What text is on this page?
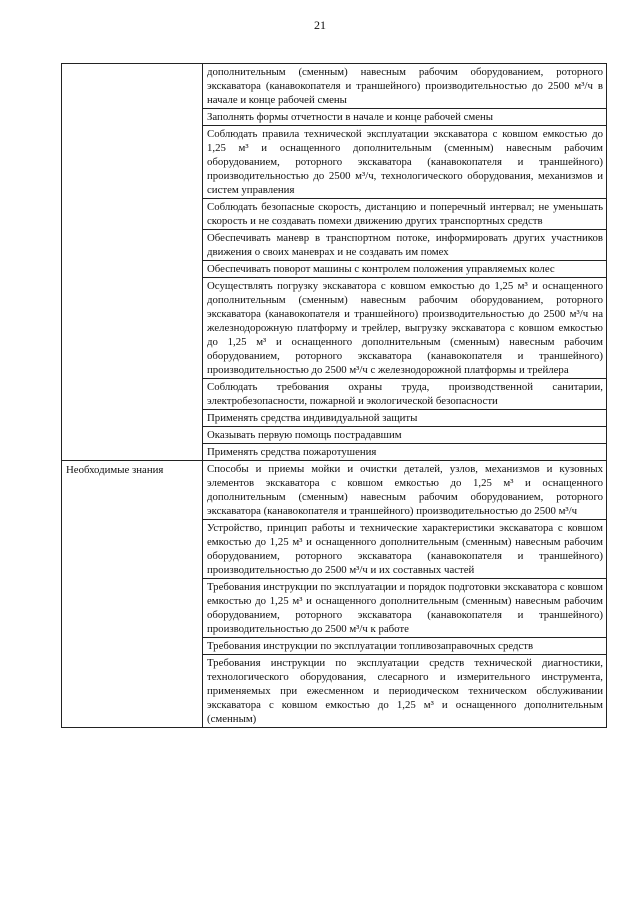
21
	дополнительным (сменным) навесным рабочим оборудованием, роторного экскаватора (канавокопателя и траншейного) производительностью до 2500 м³/ч в начале и конце рабочей смены
	Заполнять формы отчетности в начале и конце рабочей смены
	Соблюдать правила технической эксплуатации экскаватора с ковшом емкостью до 1,25 м³ и оснащенного дополнительным (сменным) навесным рабочим оборудованием, роторного экскаватора (канавокопателя и траншейного) производительностью до 2500 м³/ч, технологического оборудования, механизмов и систем управления
	Соблюдать безопасные скорость, дистанцию и поперечный интервал; не уменьшать скорость и не создавать помехи движению других транспортных средств
	Обеспечивать маневр в транспортном потоке, информировать других участников движения о своих маневрах и не создавать им помех
	Обеспечивать поворот машины с контролем положения управляемых колес
	Осуществлять погрузку экскаватора с ковшом емкостью до 1,25 м³ и оснащенного дополнительным (сменным) навесным рабочим оборудованием, роторного экскаватора (канавокопателя и траншейного) производительностью до 2500 м³/ч на железнодорожную платформу и трейлер, выгрузку экскаватора с ковшом емкостью до 1,25 м³ и оснащенного дополнительным (сменным) навесным рабочим оборудованием, роторного экскаватора (канавокопателя и траншейного) производительностью до 2500 м³/ч с железнодорожной платформы и трейлера
	Соблюдать требования охраны труда, производственной санитарии, электробезопасности, пожарной и экологической безопасности
	Применять средства индивидуальной защиты
	Оказывать первую помощь пострадавшим
	Применять средства пожаротушения

Необходимые знания	Способы и приемы мойки и очистки деталей, узлов, механизмов и кузовных элементов экскаватора с ковшом емкостью до 1,25 м³ и оснащенного дополнительным (сменным) навесным рабочим оборудованием, роторного экскаватора (канавокопателя и траншейного) производительностью до 2500 м³/ч
	Устройство, принцип работы и технические характеристики экскаватора с ковшом емкостью до 1,25 м³ и оснащенного дополнительным (сменным) навесным рабочим оборудованием, роторного экскаватора (канавокопателя и траншейного) производительностью до 2500 м³/ч и их составных частей
	Требования инструкции по эксплуатации и порядок подготовки экскаватора с ковшом емкостью до 1,25 м³ и оснащенного дополнительным (сменным) навесным рабочим оборудованием, роторного экскаватора (канавокопателя и траншейного) производительностью до 2500 м³/ч к работе
	Требования инструкции по эксплуатации топливозаправочных средств
	Требования инструкции по эксплуатации средств технической диагностики, технологического оборудования, слесарного и измерительного инструмента, применяемых при ежесменном и периодическом техническом обслуживании экскаватора с ковшом емкостью до 1,25 м³ и оснащенного дополнительным (сменным)
